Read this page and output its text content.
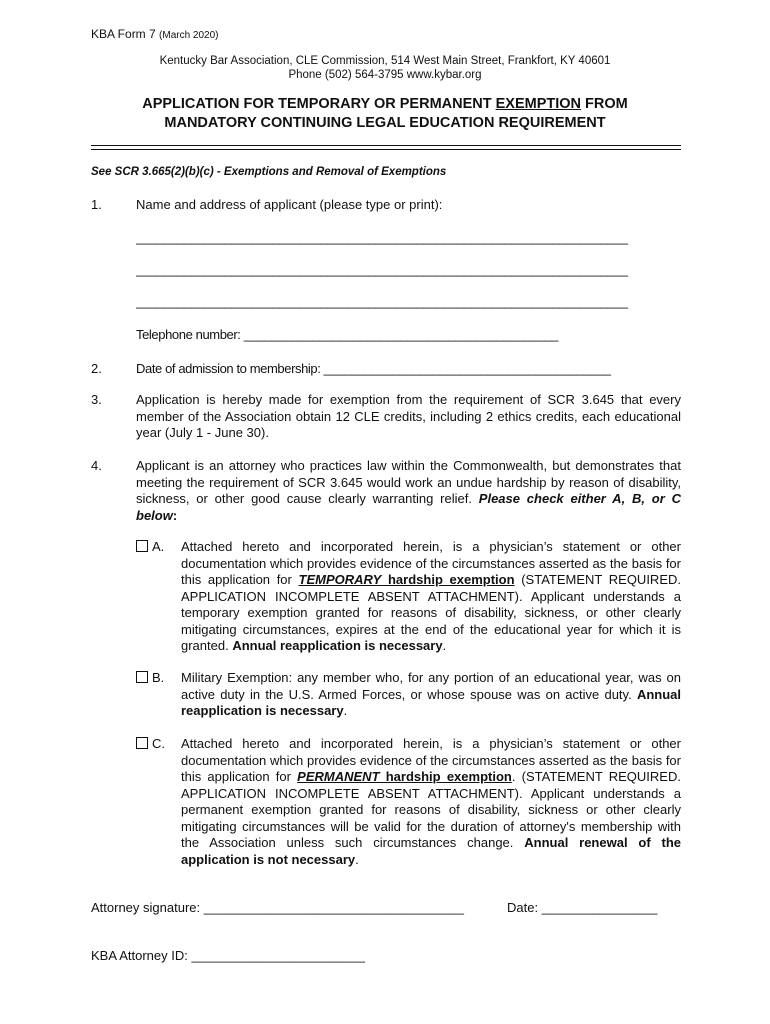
KBA Form 7 (March 2020)
Kentucky Bar Association, CLE Commission, 514 West Main Street, Frankfort, KY 40601
Phone (502) 564-3795 www.kybar.org
APPLICATION FOR TEMPORARY OR PERMANENT EXEMPTION FROM
MANDATORY CONTINUING LEGAL EDUCATION REQUIREMENT
See SCR 3.665(2)(b)(c) - Exemptions and Removal of Exemptions
1.	Name and address of applicant (please type or print):
________________________________________________________________________
________________________________________________________________________
________________________________________________________________________
Telephone number: ______________________________________________
2.	Date of admission to membership: __________________________________________
3.	Application is hereby made for exemption from the requirement of SCR 3.645 that every member of the Association obtain 12 CLE credits, including 2 ethics credits, each educational year (July 1 - June 30).
4.	Applicant is an attorney who practices law within the Commonwealth, but demonstrates that meeting the requirement of SCR 3.645 would work an undue hardship by reason of disability, sickness, or other good cause clearly warranting relief. Please check either A, B, or C below:
A. Attached hereto and incorporated herein, is a physician’s statement or other documentation which provides evidence of the circumstances asserted as the basis for this application for TEMPORARY hardship exemption (STATEMENT REQUIRED. APPLICATION INCOMPLETE ABSENT ATTACHMENT). Applicant understands a temporary exemption granted for reasons of disability, sickness, or other clearly mitigating circumstances, expires at the end of the educational year for which it is granted. Annual reapplication is necessary.
B. Military Exemption: any member who, for any portion of an educational year, was on active duty in the U.S. Armed Forces, or whose spouse was on active duty. Annual reapplication is necessary.
C. Attached hereto and incorporated herein, is a physician’s statement or other documentation which provides evidence of the circumstances asserted as the basis for this application for PERMANENT hardship exemption. (STATEMENT REQUIRED. APPLICATION INCOMPLETE ABSENT ATTACHMENT). Applicant understands a permanent exemption granted for reasons of disability, sickness or other clearly mitigating circumstances will be valid for the duration of attorney's membership with the Association unless such circumstances change. Annual renewal of the application is not necessary.
Attorney signature: ____________________________________	Date: ________________
KBA Attorney ID: ________________________
